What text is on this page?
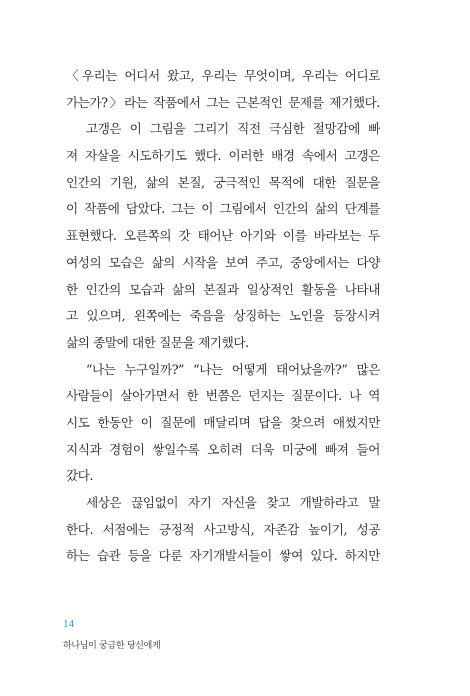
〈우리는 어디서 왔고, 우리는 무엇이며, 우리는 어디로
가는가?〉라는 작품에서 그는 근본적인 문제를 제기했다.
고갱은 이 그림을 그리기 직전 극심한 절망감에 빠
져 자살을 시도하기도 했다. 이러한 배경 속에서 고갱은
인간의 기원, 삶의 본질, 궁극적인 목적에 대한 질문을
이 작품에 담았다. 그는 이 그림에서 인간의 삶의 단계를
표현했다. 오른쪽의 갓 태어난 아기와 이를 바라보는 두
여성의 모습은 삶의 시작을 보여 주고, 중앙에서는 다양
한 인간의 모습과 삶의 본질과 일상적인 활동을 나타내
고 있으며, 왼쪽에는 죽음을 상징하는 노인을 등장시켜
삶의 종말에 대한 질문을 제기했다.
“나는 누구일까?” “나는 어떻게 태어났을까?” 많은
사람들이 살아가면서 한 번쯤은 던지는 질문이다. 나 역
시도 한동안 이 질문에 매달리며 답을 찾으려 애썼지만
지식과 경험이 쌓일수록 오히려 더욱 미궁에 빠져 들어
갔다.
세상은 끊임없이 자기 자신을 찾고 개발하라고 말
한다. 서점에는 긍정적 사고방식, 자존감 높이기, 성공
하는 습관 등을 다룬 자기개발서들이 쌓여 있다. 하지만
14
하나님이 궁금한 당신에게
